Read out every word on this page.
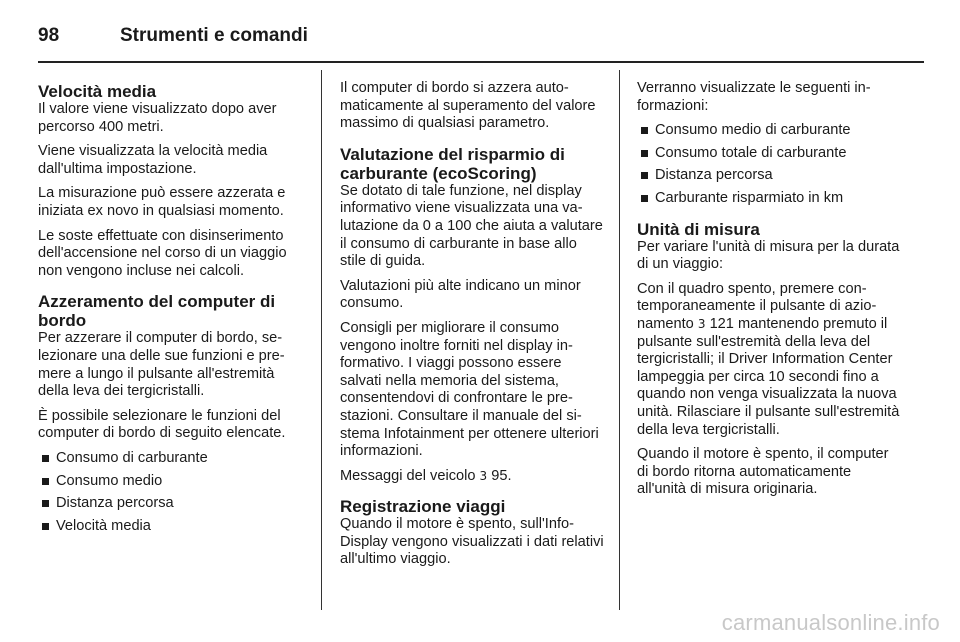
98	Strumenti e comandi
Velocità media

Il valore viene visualizzato dopo aver percorso 400 metri.

Viene visualizzata la velocità media dall'ultima impostazione.

La misurazione può essere azzerata e iniziata ex novo in qualsiasi momento.

Le soste effettuate con disinserimento dell'accensione nel corso di un viaggio non vengono incluse nei calcoli.

Azzeramento del computer di bordo

Per azzerare il computer di bordo, selezionare una delle sue funzioni e premere a lungo il pulsante all'estremità della leva dei tergicristalli.

È possibile selezionare le funzioni del computer di bordo di seguito elencate.

Consumo di carburante
Consumo medio
Distanza percorsa
Velocità media

Il computer di bordo si azzera automaticamente al superamento del valore massimo di qualsiasi parametro.

Valutazione del risparmio di carburante (ecoScoring)

Se dotato di tale funzione, nel display informativo viene visualizzata una valutazione da 0 a 100 che aiuta a valutare il consumo di carburante in base allo stile di guida.

Valutazioni più alte indicano un minor consumo.

Consigli per migliorare il consumo vengono inoltre forniti nel display informativo. I viaggi possono essere salvati nella memoria del sistema, consentendovi di confrontare le prestazioni. Consultare il manuale del sistema Infotainment per ottenere ulteriori informazioni.

Messaggi del veicolo 3 95.

Registrazione viaggi

Quando il motore è spento, sull'Info-Display vengono visualizzati i dati relativi all'ultimo viaggio.

Verranno visualizzate le seguenti informazioni:

Consumo medio di carburante
Consumo totale di carburante
Distanza percorsa
Carburante risparmiato in km
Unità di misura

Per variare l'unità di misura per la durata di un viaggio:

Con il quadro spento, premere contemporaneamente il pulsante di azionamento 3 121 mantenendo premuto il pulsante sull'estremità della leva del tergicristalli; il Driver Information Center lampeggia per circa 10 secondi fino a quando non venga visualizzata la nuova unità. Rilasciare il pulsante sull'estremità della leva tergicristalli.

Quando il motore è spento, il computer di bordo ritorna automaticamente all'unità di misura originaria.

carmanualsonline.info
